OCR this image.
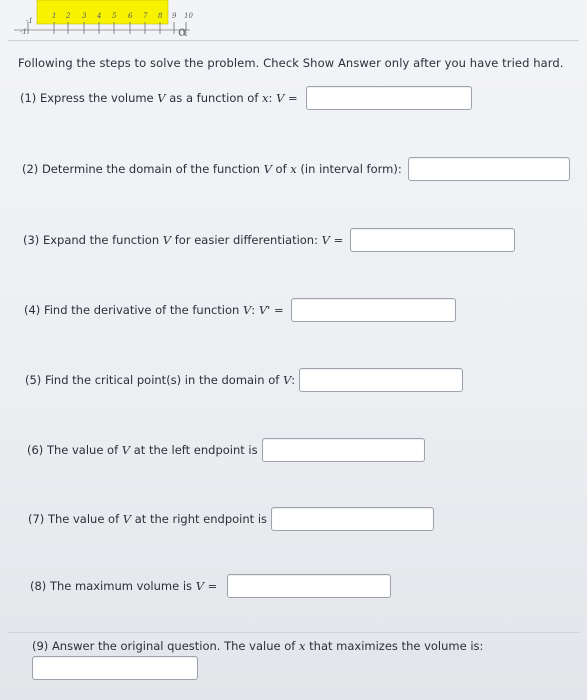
-1
1 2 3 4 5 6 7 8 9 10
-1	α
Following the steps to solve the problem. Check Show Answer only after you have tried hard.
(1) Express the volume V as a function of x: V =
(2) Determine the domain of the function V of x (in interval form):
(3) Expand the function V for easier differentiation: V =
(4) Find the derivative of the function V: V' =
(5) Find the critical point(s) in the domain of V:
(6) The value of V at the left endpoint is
(7) The value of V at the right endpoint is
(8) The maximum volume is V =
(9) Answer the original question. The value of x that maximizes the volume is:
